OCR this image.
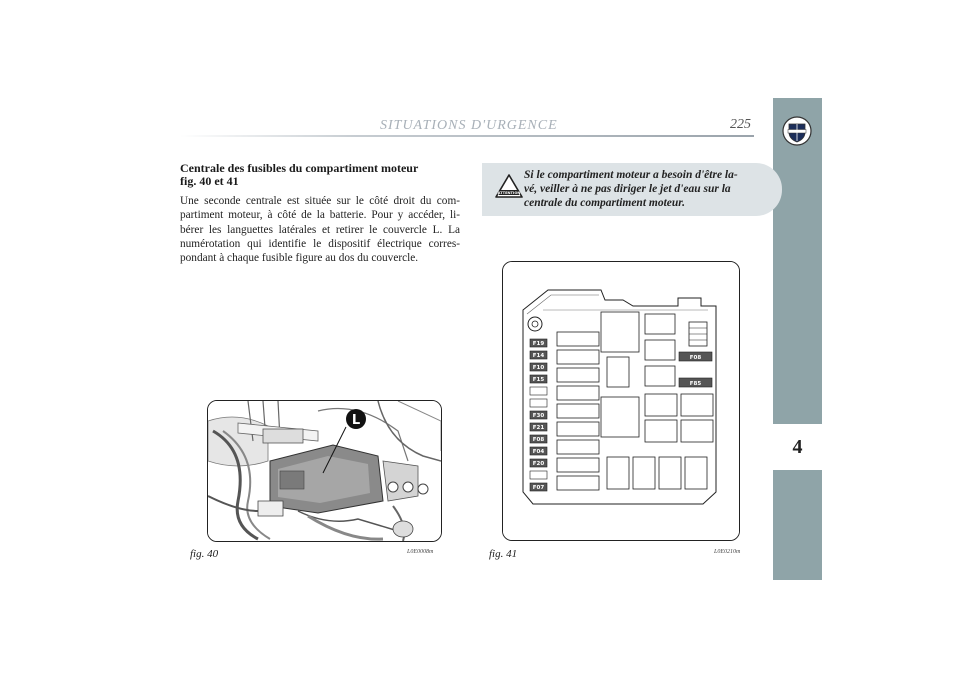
SITUATIONS D'URGENCE	225
4
Centrale des fusibles du compartiment moteur
fig. 40 et 41
Une seconde centrale est située sur le côté droit du com-
partiment moteur, à côté de la batterie. Pour y accéder, li-
bérer les languettes latérales et retirer le couvercle L. La
numérotation qui identifie le dispositif électrique corres-
pondant à chaque fusible figure au dos du couvercle.
ATTENTION
Si le compartiment moteur a besoin d'être la-
vé, veiller à ne pas diriger le jet d'eau sur la
centrale du compartiment moteur.
L
fig. 40	L0E0008m
F19
F14
F10
F15
F30
F21
F08
F04
F20
F07
F08
F85
fig. 41	L0E0210m
